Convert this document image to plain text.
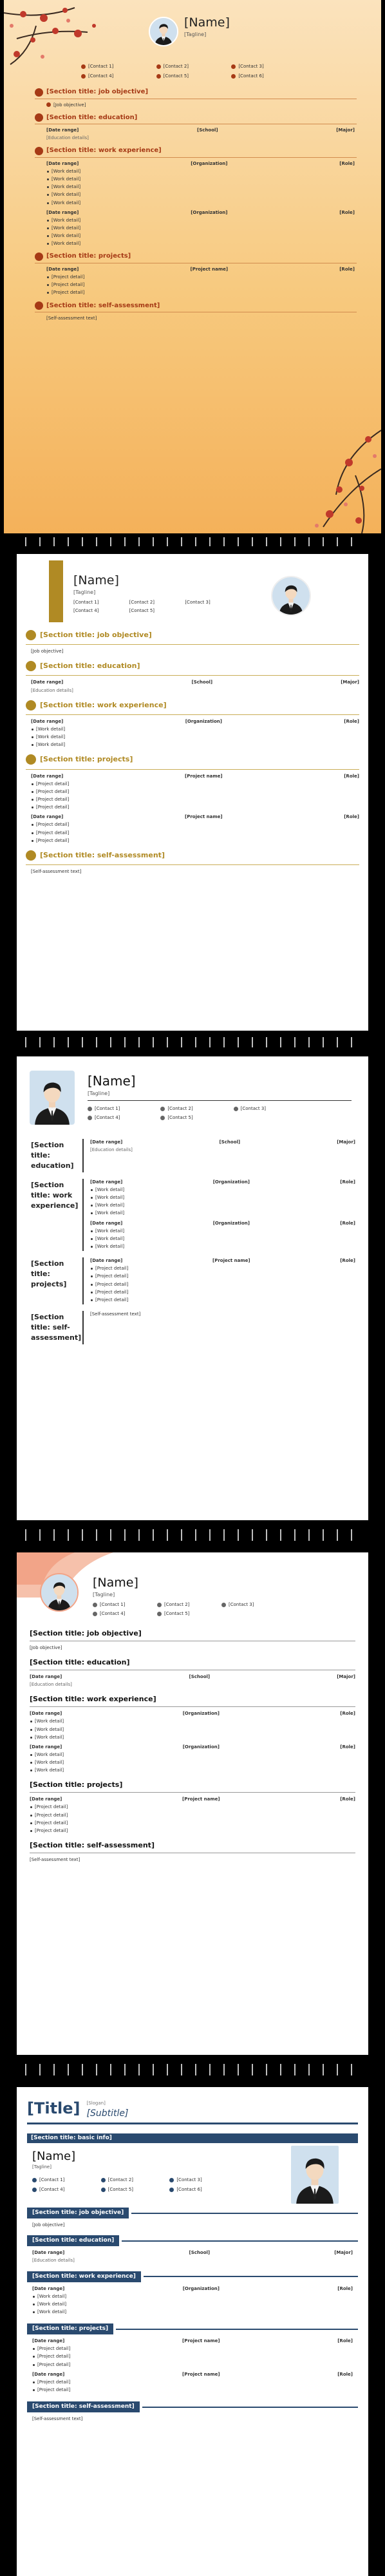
[Name]
[Tagline]
[Contact 1]	[Contact 2]	[Contact 3]
[Contact 4]	[Contact 5]	[Contact 6]
[Section title: job objective]
[Job objective]
[Section title: education]
[Date range]	[School]	[Major]
[Education details]
[Section title: work experience]
[Date range]	[Organization]	[Role]
[Work detail]
[Work detail]
[Work detail]
[Work detail]
[Work detail]
[Date range]	[Organization]	[Role]
[Work detail]
[Work detail]
[Work detail]
[Work detail]
[Section title: projects]
[Date range]	[Project name]	[Role]
[Project detail]
[Project detail]
[Project detail]
[Section title: self-assessment]
[Self-assessment text]
[Name]
[Tagline]
[Contact 1]	[Contact 2]	[Contact 3]
[Contact 4]	[Contact 5]
[Section title: job objective]
[Job objective]
[Section title: education]
[Date range]	[School]	[Major]
[Education details]
[Section title: work experience]
[Date range]	[Organization]	[Role]
[Work detail]
[Work detail]
[Work detail]
[Section title: projects]
[Date range]	[Project name]	[Role]
[Project detail]
[Project detail]
[Project detail]
[Project detail]
[Date range]	[Project name]	[Role]
[Project detail]
[Project detail]
[Project detail]
[Section title: self-assessment]
[Self-assessment text]
[Name]
[Tagline]
[Contact 1]	[Contact 2]	[Contact 3]
[Contact 4]	[Contact 5]
[Section title: education]
[Date range]	[School]	[Major]
[Education details]
[Section title: work experience]
[Date range]	[Organization]	[Role]
[Work detail]
[Work detail]
[Work detail]
[Work detail]
[Date range]	[Organization]	[Role]
[Work detail]
[Work detail]
[Work detail]
[Section title: projects]
[Date range]	[Project name]	[Role]
[Project detail]
[Project detail]
[Project detail]
[Project detail]
[Project detail]
[Section title: self-assessment]
[Self-assessment text]
[Name]
[Tagline]
[Contact 1]	[Contact 2]	[Contact 3]
[Contact 4]	[Contact 5]
[Section title: job objective]
[Job objective]
[Section title: education]
[Date range]	[School]	[Major]
[Education details]
[Section title: work experience]
[Date range]	[Organization]	[Role]
[Work detail]
[Work detail]
[Work detail]
[Date range]	[Organization]	[Role]
[Work detail]
[Work detail]
[Work detail]
[Section title: projects]
[Date range]	[Project name]	[Role]
[Project detail]
[Project detail]
[Project detail]
[Project detail]
[Section title: self-assessment]
[Self-assessment text]
[Title] [Slogan]
[Subtitle]
[Section title: basic info]
[Name]
[Tagline]
[Contact 1]	[Contact 2]	[Contact 3]
[Contact 4]	[Contact 5]	[Contact 6]
[Section title: job objective]
[Job objective]
[Section title: education]
[Date range]	[School]	[Major]
[Education details]
[Section title: work experience]
[Date range]	[Organization]	[Role]
[Work detail]
[Work detail]
[Work detail]
[Section title: projects]
[Date range]	[Project name]	[Role]
[Project detail]
[Project detail]
[Project detail]
[Date range]	[Project name]	[Role]
[Project detail]
[Project detail]
[Section title: self-assessment]
[Self-assessment text]
